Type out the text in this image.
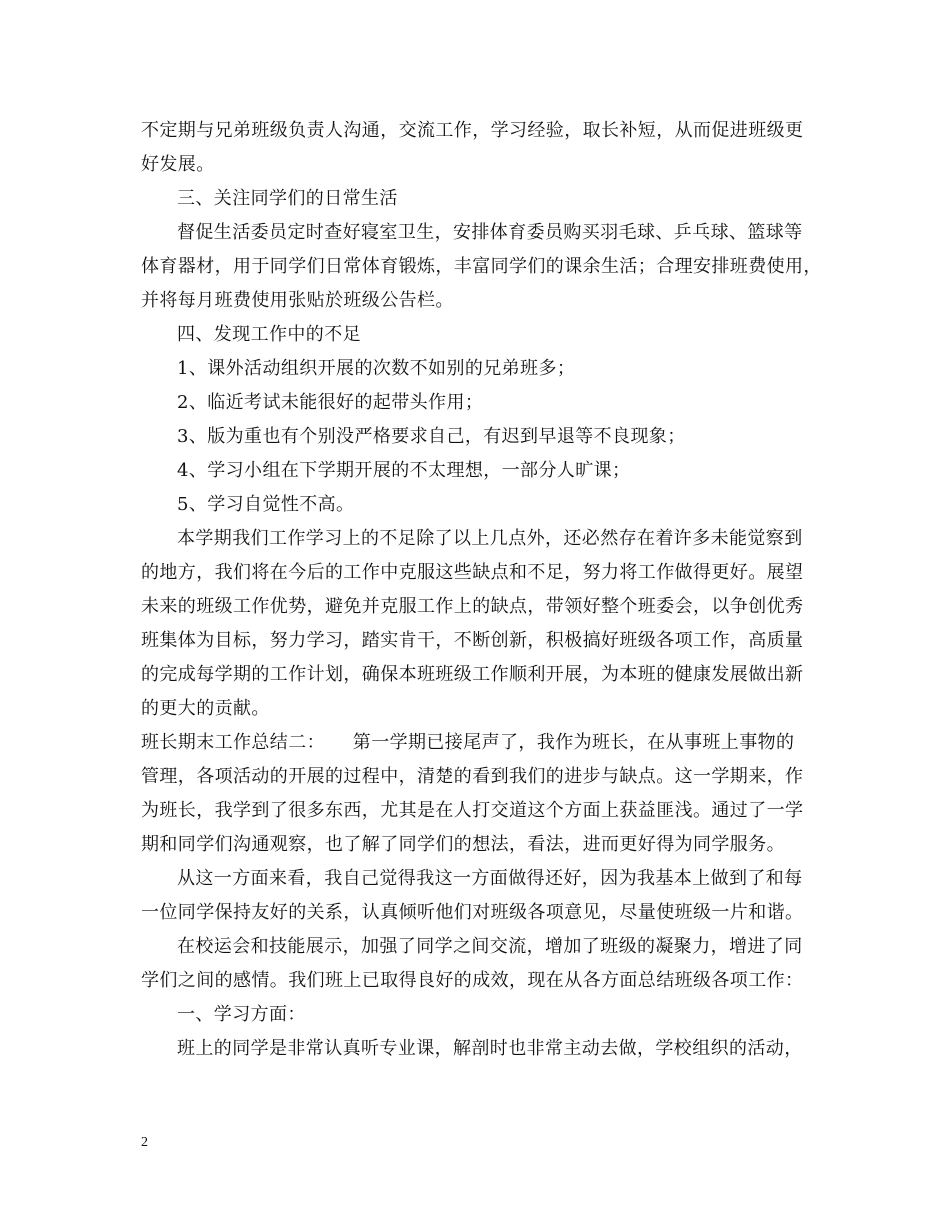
不定期与兄弟班级负责人沟通，交流工作，学习经验，取长补短，从而促进班级更
好发展。
三、关注同学们的日常生活
督促生活委员定时查好寝室卫生，安排体育委员购买羽毛球、乒乓球、篮球等
体育器材，用于同学们日常体育锻炼，丰富同学们的课余生活；合理安排班费使用，
并将每月班费使用张贴於班级公告栏。
四、发现工作中的不足
1、课外活动组织开展的次数不如别的兄弟班多；
2、临近考试未能很好的起带头作用；
3、版为重也有个别没严格要求自己，有迟到早退等不良现象；
4、学习小组在下学期开展的不太理想，一部分人旷课；
5、学习自觉性不高。
本学期我们工作学习上的不足除了以上几点外，还必然存在着许多未能觉察到
的地方，我们将在今后的工作中克服这些缺点和不足，努力将工作做得更好。展望
未来的班级工作优势，避免并克服工作上的缺点，带领好整个班委会，以争创优秀
班集体为目标，努力学习，踏实肯干，不断创新，积极搞好班级各项工作，高质量
的完成每学期的工作计划，确保本班班级工作顺利开展，为本班的健康发展做出新
的更大的贡献。
班长期末工作总结二：　　第一学期已接尾声了，我作为班长，在从事班上事物的
管理，各项活动的开展的过程中，清楚的看到我们的进步与缺点。这一学期来，作
为班长，我学到了很多东西，尤其是在人打交道这个方面上获益匪浅。通过了一学
期和同学们沟通观察，也了解了同学们的想法，看法，进而更好得为同学服务。
从这一方面来看，我自己觉得我这一方面做得还好，因为我基本上做到了和每
一位同学保持友好的关系，认真倾听他们对班级各项意见，尽量使班级一片和谐。
在校运会和技能展示，加强了同学之间交流，增加了班级的凝聚力，增进了同
学们之间的感情。我们班上已取得良好的成效，现在从各方面总结班级各项工作：
一、学习方面：
班上的同学是非常认真听专业课，解剖时也非常主动去做，学校组织的活动，
2
